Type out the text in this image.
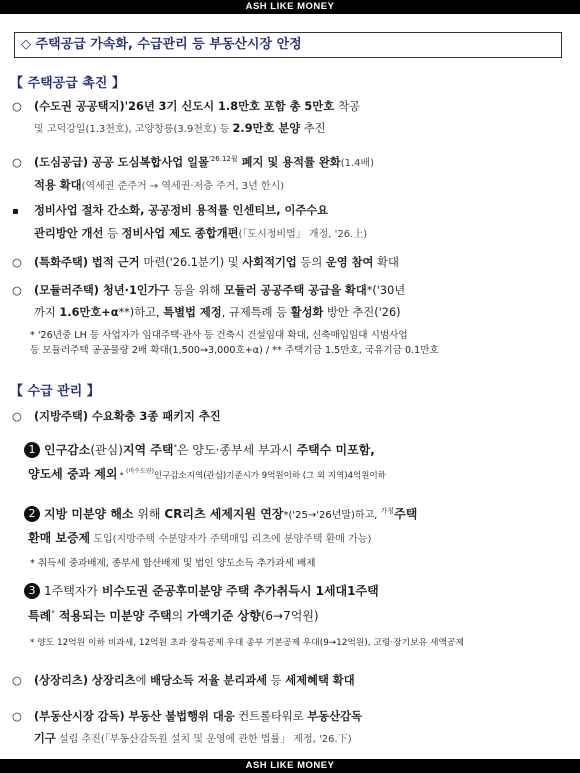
ASH LIKE MONEY
◇ 주택공급 가속화, 수급관리 등 부동산시장 안정
【 주택공급 촉진 】
○ (수도권 공공택지)'26년 3기 신도시 1.8만호 포함 총 5만호 착공
및 고덕강일(1.3천호), 고양창릉(3.9천호) 등 2.9만호 분양 추진
○ (도심공급) 공공 도심복합사업 일몰$^{'26.12월}$ 폐지 및 용적률 완화(1.4배)
적용 확대(역세권 준주거 → 역세권·저층 주거, 3년 한시)
▪ 정비사업 절차 간소화, 공공정비 용적률 인센티브, 이주수요
관리방안 개선 등 정비사업 제도 종합개편(「도시정비법」 개정, '26.上)
○ (특화주택) 법적 근거 마련('26.1분기) 및 사회적기업 등의 운영 참여 확대
○ (모듈러주택) 청년·1인가구 등을 위해 모듈러 공공주택 공급을 확대*('30년
까지 1.6만호+α**)하고, 특별법 제정, 규제특례 등 활성화 방안 추진('26)
* '26년중 LH 등 사업자가 임대주택·관사 등 건축시 건설임대 확대, 신축매입임대 시범사업
등 모듈러주택 공공물량 2배 확대(1,500→3,000호+α) / ** 주택기금 1.5만호, 국유기금 0.1만호
【 수급 관리 】
○ (지방주택) 수요확충 3종 패키지 추진
1 인구감소(관심)지역 주택*은 양도·종부세 부과시 주택수 미포함,
양도세 중과 제외 * $^{(비수도권)}$인구감소지역(관심)기준시가 9억원이하 (그 외 지역)4억원이하
2 지방 미분양 해소 위해 CR리츠 세제지원 연장*('25→'26년말)하고, $^{가칭}$주택
환매 보증제 도입(지방주택 수분양자가 주택매입 리츠에 분양주택 환매 가능)
* 취득세 중과배제, 종부세 합산배제 및 법인 양도소득 추가과세 배제
3 1주택자가 비수도권 준공후미분양 주택 추가취득시 1세대1주택
특례* 적용되는 미분양 주택의 가액기준 상향(6→7억원)
* 양도 12억원 이하 비과세, 12억원 초과 장특공제 우대 종부 기본공제 우대(9→12억원), 고령·장기보유 세액공제
○ (상장리츠) 상장리츠에 배당소득 저율 분리과세 등 세제혜택 확대
○ (부동산시장 감독) 부동산 불법행위 대응 컨트롤타워로 부동산감독
기구 설립 추진(「부동산감독원 설치 및 운영에 관한 법률」 제정, '26.下)
ASH LIKE MONEY
